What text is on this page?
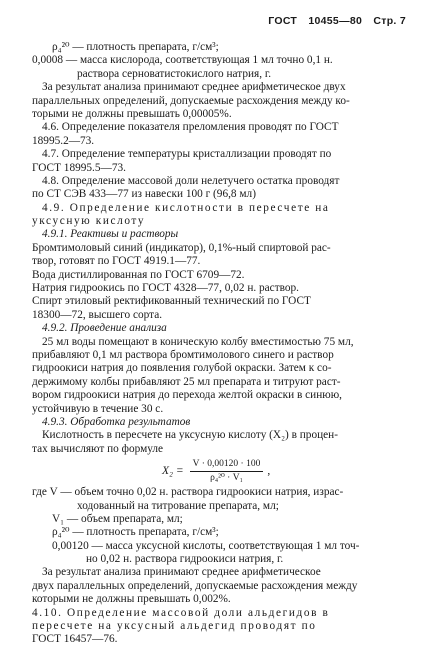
ГОСТ 10455—80 Стр. 7
ρ₄²⁰ — плотность препарата, г/см³;
0,0008 — масса кислорода, соответствующая 1 мл точно 0,1 н.
раствора серноватистокислого натрия, г.
За результат анализа принимают среднее арифметическое двух
параллельных определений, допускаемые расхождения между ко-
торыми не должны превышать 0,00005%.
4.6. Определение показателя преломления проводят по ГОСТ
18995.2—73.
4.7. Определение температуры кристаллизации проводят по
ГОСТ 18995.5—73.
4.8. Определение массовой доли нелетучего остатка проводят
по СТ СЭВ 433—77 из навески 100 г (96,8 мл)
4.9. Определение кислотности в пересчете на
уксусную кислоту
4.9.1. Реактивы и растворы
Бромтимоловый синий (индикатор), 0,1%-ный спиртовой рас-
твор, готовят по ГОСТ 4919.1—77.
Вода дистиллированная по ГОСТ 6709—72.
Натрия гидроокись по ГОСТ 4328—77, 0,02 н. раствор.
Спирт этиловый ректификованный технический по ГОСТ
18300—72, высшего сорта.
4.9.2. Проведение анализа
25 мл воды помещают в коническую колбу вместимостью 75 мл,
прибавляют 0,1 мл раствора бромтимолового синего и раствор
гидроокиси натрия до появления голубой окраски. Затем к со-
держимому колбы прибавляют 25 мл препарата и титруют раст-
вором гидроокиси натрия до перехода желтой окраски в синюю,
устойчивую в течение 30 с.
4.9.3. Обработка результатов
Кислотность в пересчете на уксусную кислоту (X₂) в процен-
тах вычисляют по формуле
$X_2 = \frac{V \cdot 0,00120 \cdot 100}{\text{ρ₄²⁰ · V₁}}$ ,
где V — объем точно 0,02 н. раствора гидроокиси натрия, израс-
ходованный на титрование препарата, мл;
V₁ — объем препарата, мл;
ρ₄²⁰ — плотность препарата, г/см³;
0,00120 — масса уксусной кислоты, соответствующая 1 мл точ-
но 0,02 н. раствора гидроокиси натрия, г.
За результат анализа принимают среднее арифметическое
двух параллельных определений, допускаемые расхождения между
которыми не должны превышать 0,002%.
4.10. Определение массовой доли альдегидов в
пересчете на уксусный альдегид проводят по
ГОСТ 16457—76.
